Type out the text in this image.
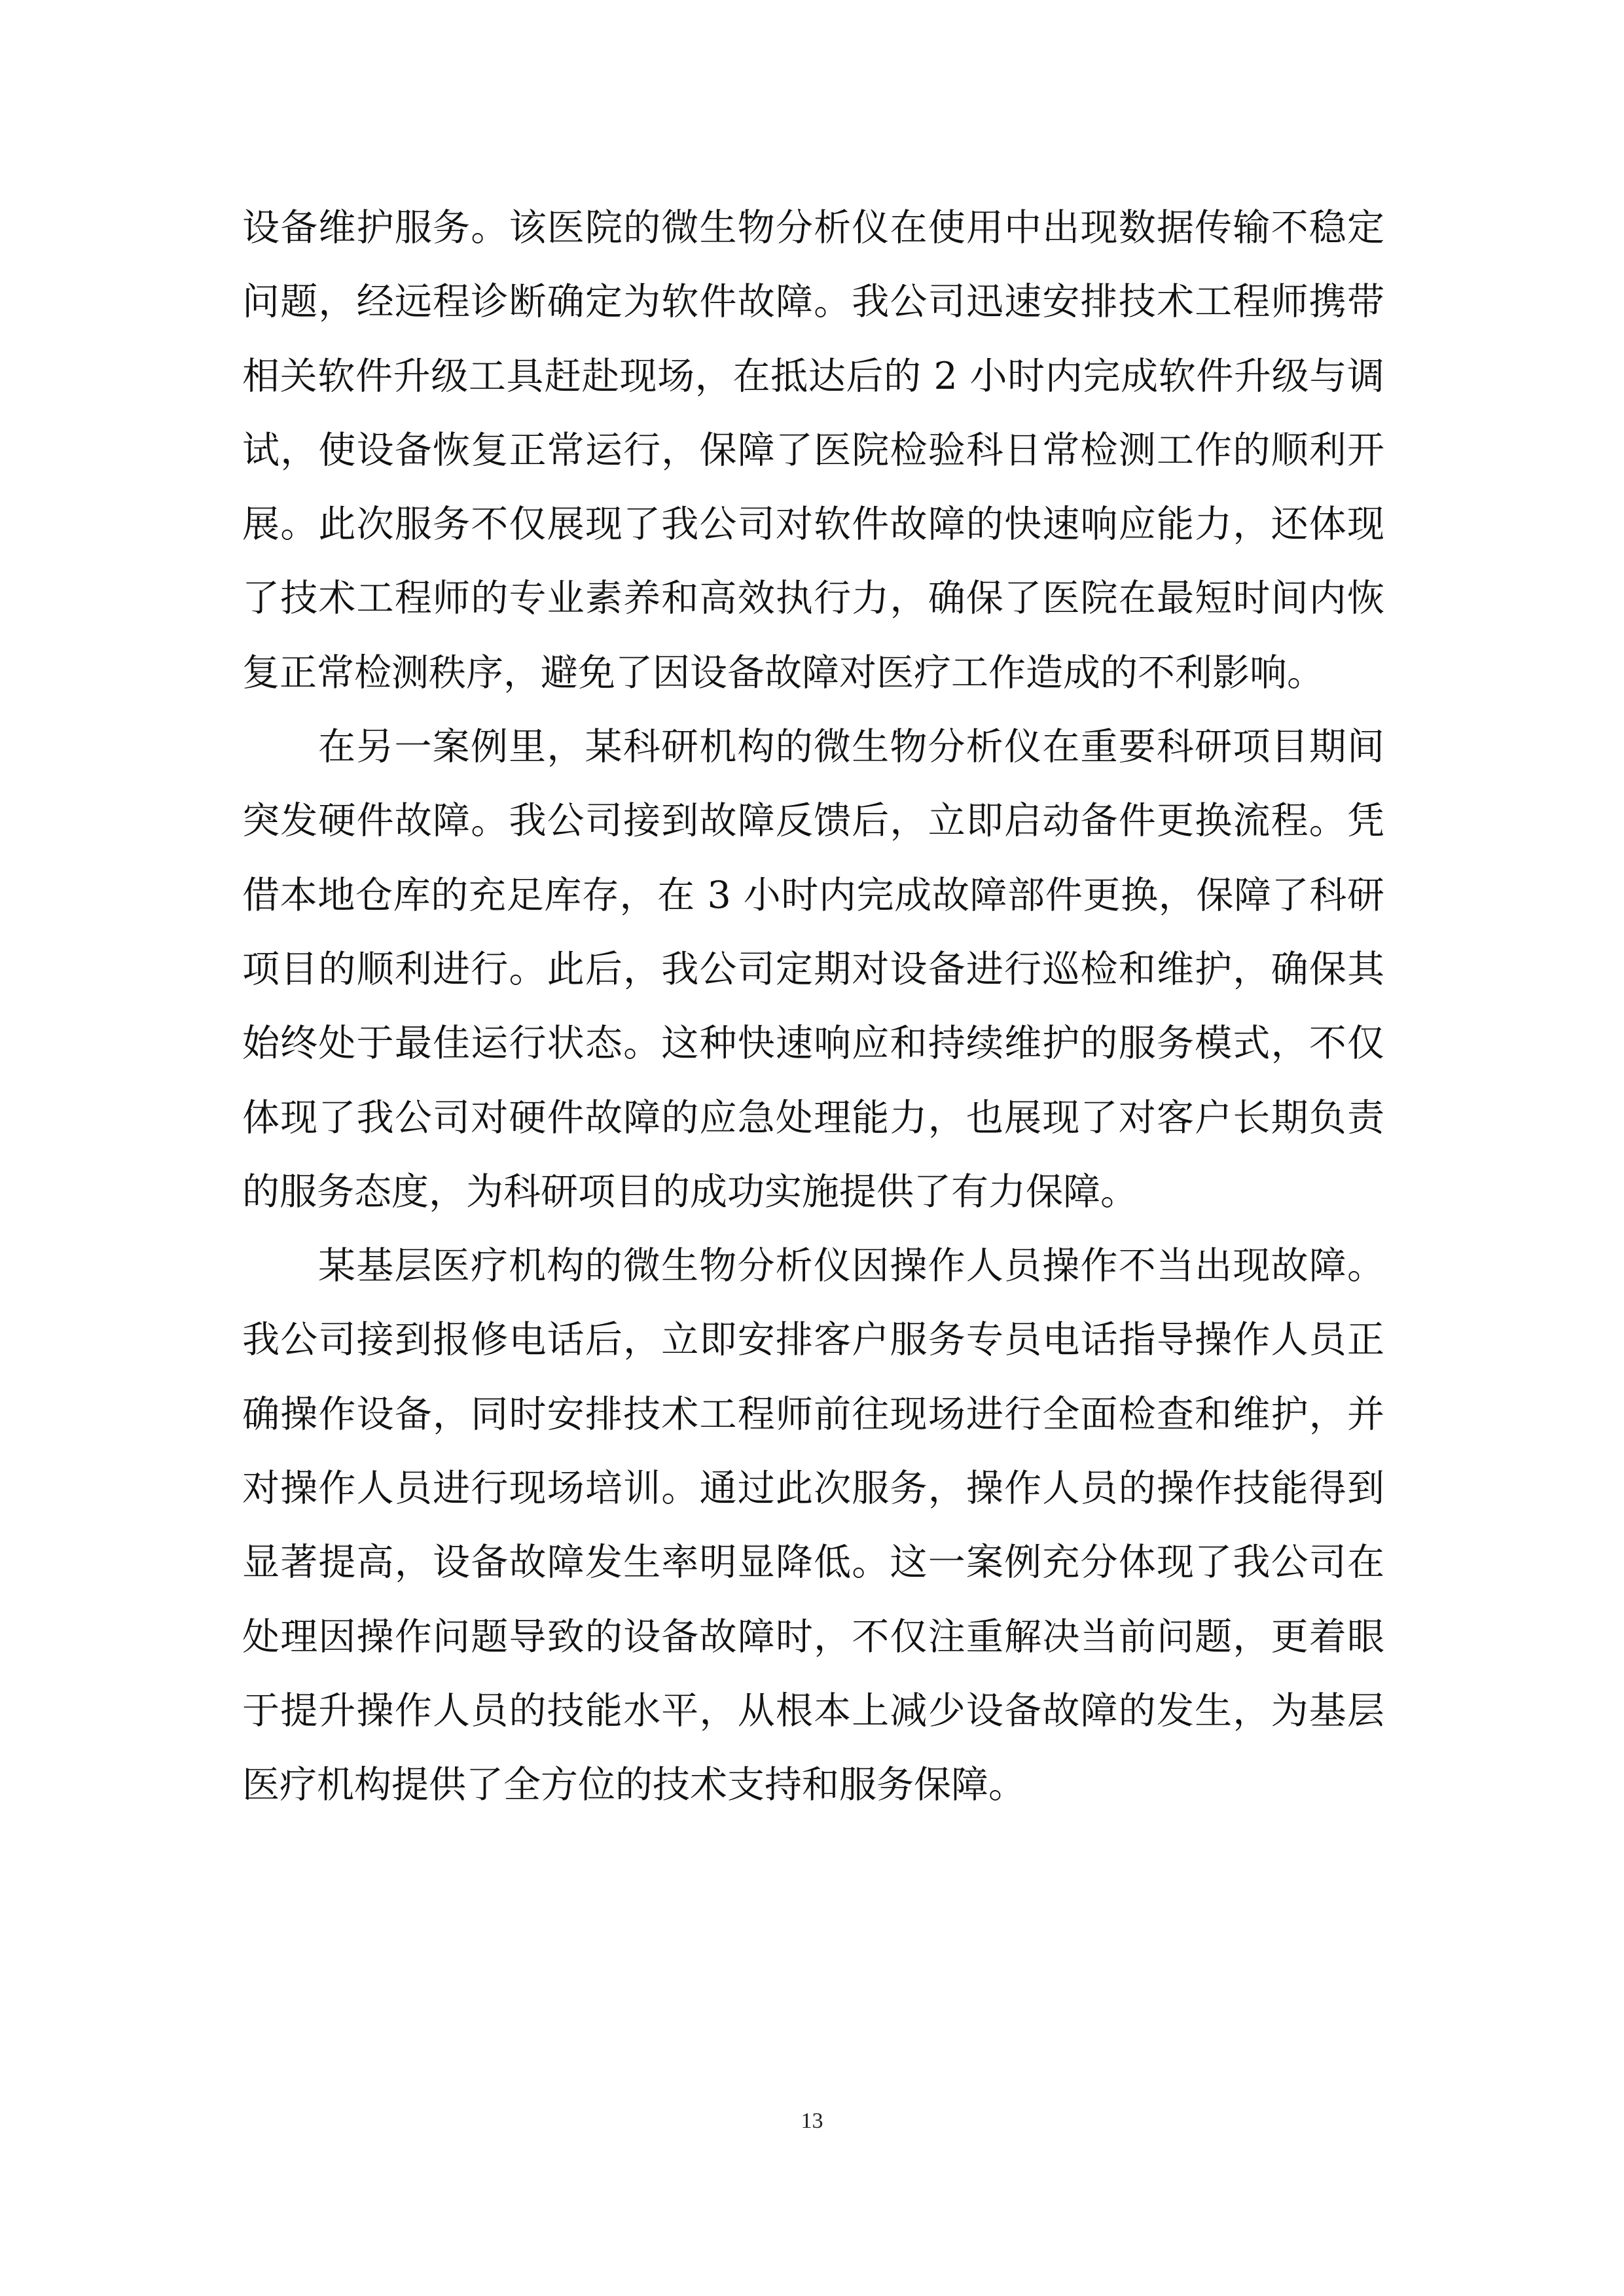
设备维护服务。该医院的微生物分析仪在使用中出现数据传输不稳定
问题，经远程诊断确定为软件故障。我公司迅速安排技术工程师携带
相关软件升级工具赶赴现场，在抵达后的 2 小时内完成软件升级与调
试，使设备恢复正常运行，保障了医院检验科日常检测工作的顺利开
展。此次服务不仅展现了我公司对软件故障的快速响应能力，还体现
了技术工程师的专业素养和高效执行力，确保了医院在最短时间内恢
复正常检测秩序，避免了因设备故障对医疗工作造成的不利影响。
在另一案例里，某科研机构的微生物分析仪在重要科研项目期间
突发硬件故障。我公司接到故障反馈后，立即启动备件更换流程。凭
借本地仓库的充足库存，在 3 小时内完成故障部件更换，保障了科研
项目的顺利进行。此后，我公司定期对设备进行巡检和维护，确保其
始终处于最佳运行状态。这种快速响应和持续维护的服务模式，不仅
体现了我公司对硬件故障的应急处理能力，也展现了对客户长期负责
的服务态度，为科研项目的成功实施提供了有力保障。
某基层医疗机构的微生物分析仪因操作人员操作不当出现故障。
我公司接到报修电话后，立即安排客户服务专员电话指导操作人员正
确操作设备，同时安排技术工程师前往现场进行全面检查和维护，并
对操作人员进行现场培训。通过此次服务，操作人员的操作技能得到
显著提高，设备故障发生率明显降低。这一案例充分体现了我公司在
处理因操作问题导致的设备故障时，不仅注重解决当前问题，更着眼
于提升操作人员的技能水平，从根本上减少设备故障的发生，为基层
医疗机构提供了全方位的技术支持和服务保障。
13
